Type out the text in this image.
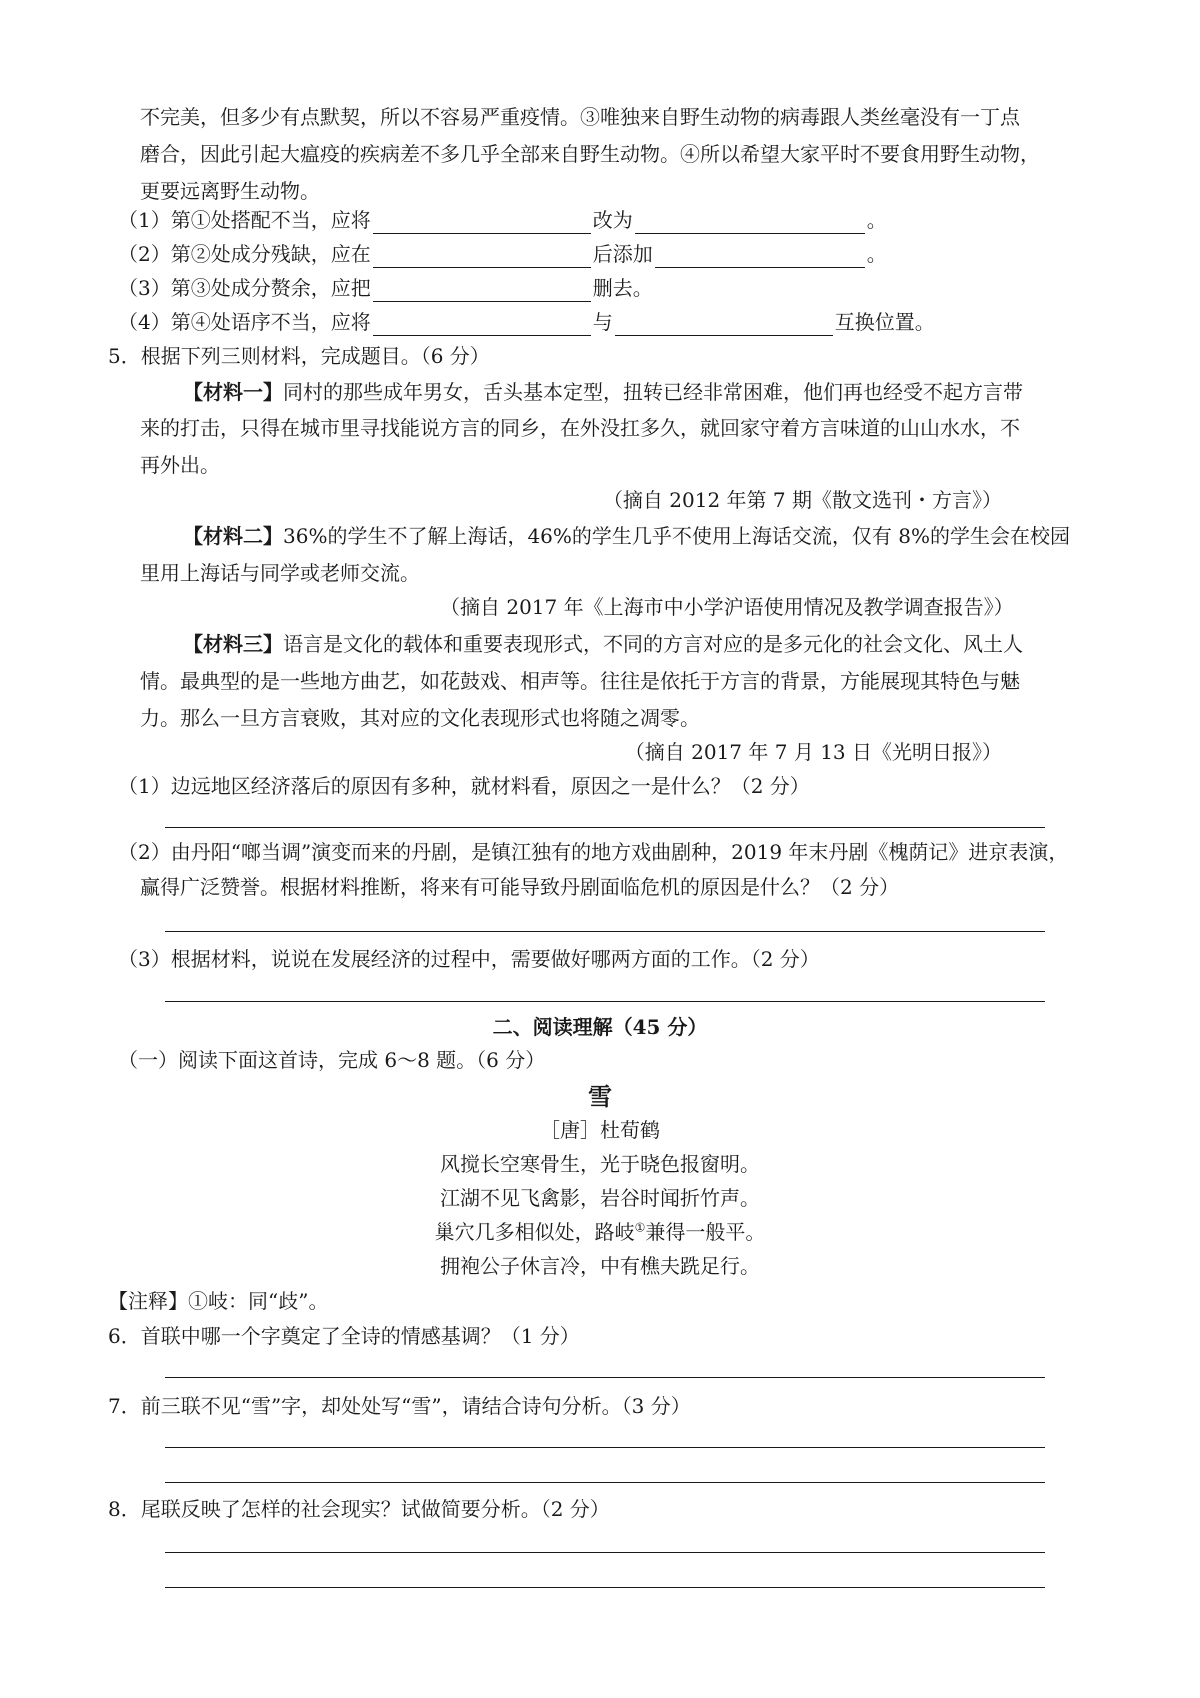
不完美，但多少有点默契，所以不容易严重疫情。③唯独来自野生动物的病毒跟人类丝毫没有一丁点
磨合，因此引起大瘟疫的疾病差不多几乎全部来自野生动物。④所以希望大家平时不要食用野生动物，
更要远离野生动物。
（1）第①处搭配不当，应将	改为	。
（2）第②处成分残缺，应在	后添加	。
（3）第③处成分赘余，应把	删去。
（4）第④处语序不当，应将	与	互换位置。
5．根据下列三则材料，完成题目。（6 分）
【材料一】同村的那些成年男女，舌头基本定型，扭转已经非常困难，他们再也经受不起方言带
来的打击，只得在城市里寻找能说方言的同乡，在外没扛多久，就回家守着方言味道的山山水水，不
再外出。
（摘自 2012 年第 7 期《散文选刊・方言》）
【材料二】36%的学生不了解上海话，46%的学生几乎不使用上海话交流，仅有 8%的学生会在校园
里用上海话与同学或老师交流。
（摘自 2017 年《上海市中小学沪语使用情况及教学调查报告》）
【材料三】语言是文化的载体和重要表现形式，不同的方言对应的是多元化的社会文化、风土人
情。最典型的是一些地方曲艺，如花鼓戏、相声等。往往是依托于方言的背景，方能展现其特色与魅
力。那么一旦方言衰败，其对应的文化表现形式也将随之凋零。
（摘自 2017 年 7 月 13 日《光明日报》）
（1）边远地区经济落后的原因有多种，就材料看，原因之一是什么？（2 分）
（2）由丹阳“啷当调”演变而来的丹剧，是镇江独有的地方戏曲剧种，2019 年末丹剧《槐荫记》进京表演，
赢得广泛赞誉。根据材料推断，将来有可能导致丹剧面临危机的原因是什么？（2 分）
（3）根据材料，说说在发展经济的过程中，需要做好哪两方面的工作。（2 分）
二、阅读理解（45 分）
（一）阅读下面这首诗，完成 6～8 题。（6 分）
雪
［唐］杜荀鹤
风搅长空寒骨生，光于晓色报窗明。
江湖不见飞禽影，岩谷时闻折竹声。
巢穴几多相似处，路岐①兼得一般平。
拥袍公子休言冷，中有樵夫跣足行。
【注释】①岐：同“歧”。
6．首联中哪一个字奠定了全诗的情感基调？（1 分）
7．前三联不见“雪”字，却处处写“雪”，请结合诗句分析。（3 分）
8．尾联反映了怎样的社会现实？试做简要分析。（2 分）
